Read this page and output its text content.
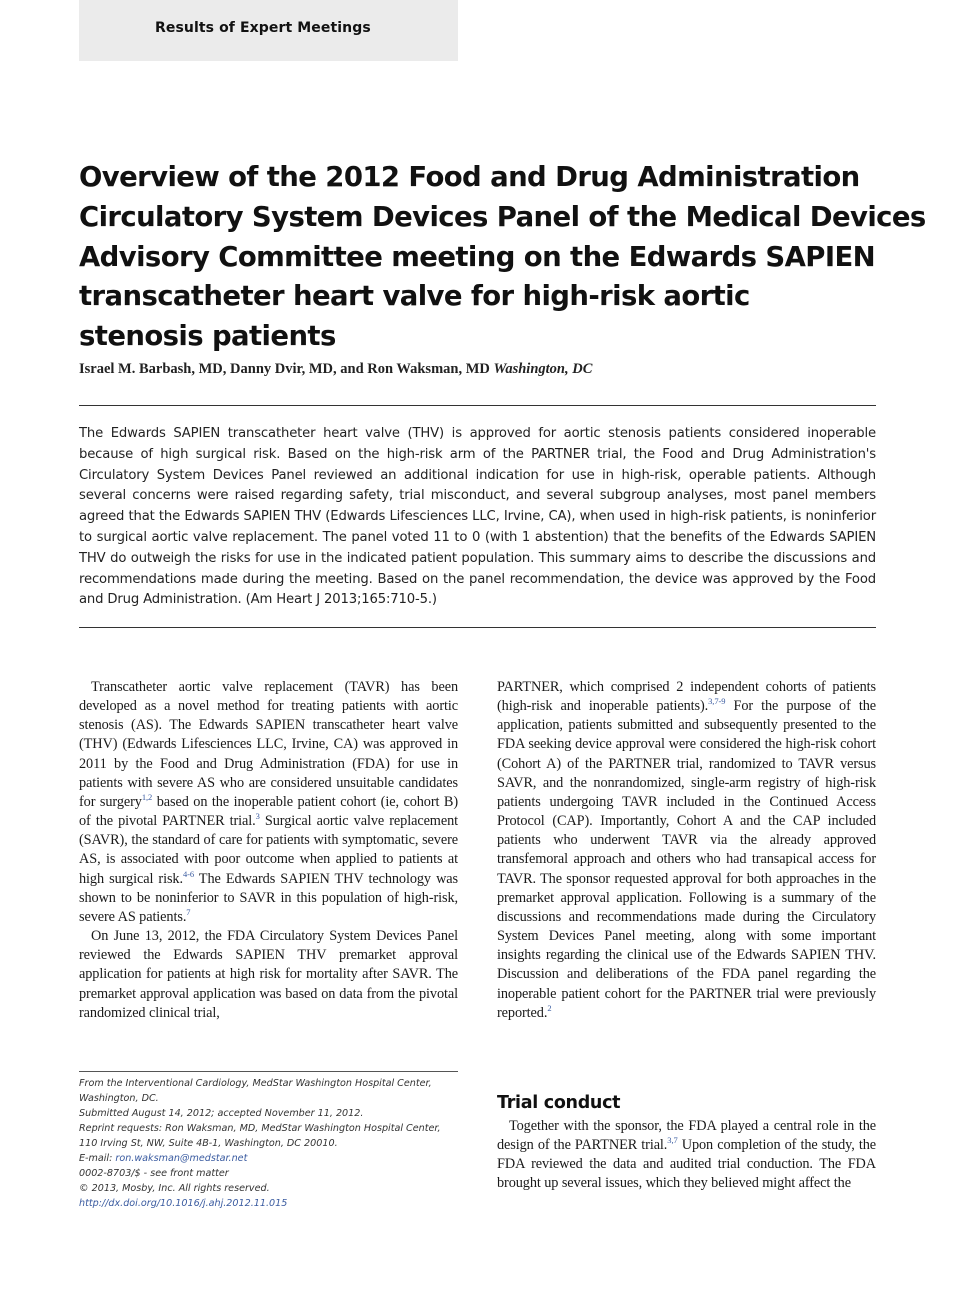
Results of Expert Meetings
Overview of the 2012 Food and Drug Administration
Circulatory System Devices Panel of the Medical Devices
Advisory Committee meeting on the Edwards SAPIEN
transcatheter heart valve for high-risk aortic
stenosis patients
Israel M. Barbash, MD, Danny Dvir, MD, and Ron Waksman, MD Washington, DC

The Edwards SAPIEN transcatheter heart valve (THV) is approved for aortic stenosis patients considered inoperable because of high surgical risk. Based on the high-risk arm of the PARTNER trial, the Food and Drug Administration's Circulatory System Devices Panel reviewed an additional indication for use in high-risk, operable patients. Although several concerns were raised regarding safety, trial misconduct, and several subgroup analyses, most panel members agreed that the Edwards SAPIEN THV (Edwards Lifesciences LLC, Irvine, CA), when used in high-risk patients, is noninferior to surgical aortic valve replacement. The panel voted 11 to 0 (with 1 abstention) that the benefits of the Edwards SAPIEN THV do outweigh the risks for use in the indicated patient population. This summary aims to describe the discussions and recommendations made during the meeting. Based on the panel recommendation, the device was approved by the Food and Drug Administration. (Am Heart J 2013;165:710-5.)

Transcatheter aortic valve replacement (TAVR) has been developed as a novel method for treating patients with aortic stenosis (AS). The Edwards SAPIEN transcatheter heart valve (THV) (Edwards Lifesciences LLC, Irvine, CA) was approved in 2011 by the Food and Drug Administration (FDA) for use in patients with severe AS who are considered unsuitable candidates for surgery$^{1,2}$ based on the inoperable patient cohort (ie, cohort B) of the pivotal PARTNER trial.$^3$ Surgical aortic valve replacement (SAVR), the standard of care for patients with symptomatic, severe AS, is associated with poor outcome when applied to patients at high surgical risk.$^{4-6}$ The Edwards SAPIEN THV technology was shown to be noninferior to SAVR in this population of high-risk, severe AS patients.$^7$

On June 13, 2012, the FDA Circulatory System Devices Panel reviewed the Edwards SAPIEN THV premarket approval application for patients at high risk for mortality after SAVR. The premarket approval application was based on data from the pivotal randomized clinical trial,

From the Interventional Cardiology, MedStar Washington Hospital Center, Washington, DC.
Submitted August 14, 2012; accepted November 11, 2012.
Reprint requests: Ron Waksman, MD, MedStar Washington Hospital Center, 110 Irving St, NW, Suite 4B-1, Washington, DC 20010.
E-mail: ron.waksman@medstar.net
0002-8703/$ - see front matter
© 2013, Mosby, Inc. All rights reserved.
http://dx.doi.org/10.1016/j.ahj.2012.11.015

PARTNER, which comprised 2 independent cohorts of patients (high-risk and inoperable patients).$^{3,7-9}$ For the purpose of the application, patients submitted and subsequently presented to the FDA seeking device approval were considered the high-risk cohort (Cohort A) of the PARTNER trial, randomized to TAVR versus SAVR, and the nonrandomized, single-arm registry of high-risk patients undergoing TAVR included in the Continued Access Protocol (CAP). Importantly, Cohort A and the CAP included patients who underwent TAVR via the already approved transfemoral approach and others who had transapical access for TAVR. The sponsor requested approval for both approaches in the premarket approval application. Following is a summary of the discussions and recommendations made during the Circulatory System Devices Panel meeting, along with some important insights regarding the clinical use of the Edwards SAPIEN THV. Discussion and deliberations of the FDA panel regarding the inoperable patient cohort for the PARTNER trial were previously reported.$^2$

Trial conduct

Together with the sponsor, the FDA played a central role in the design of the PARTNER trial.$^{3,7}$ Upon completion of the study, the FDA reviewed the data and audited trial conduction. The FDA brought up several issues, which they believed might affect the
